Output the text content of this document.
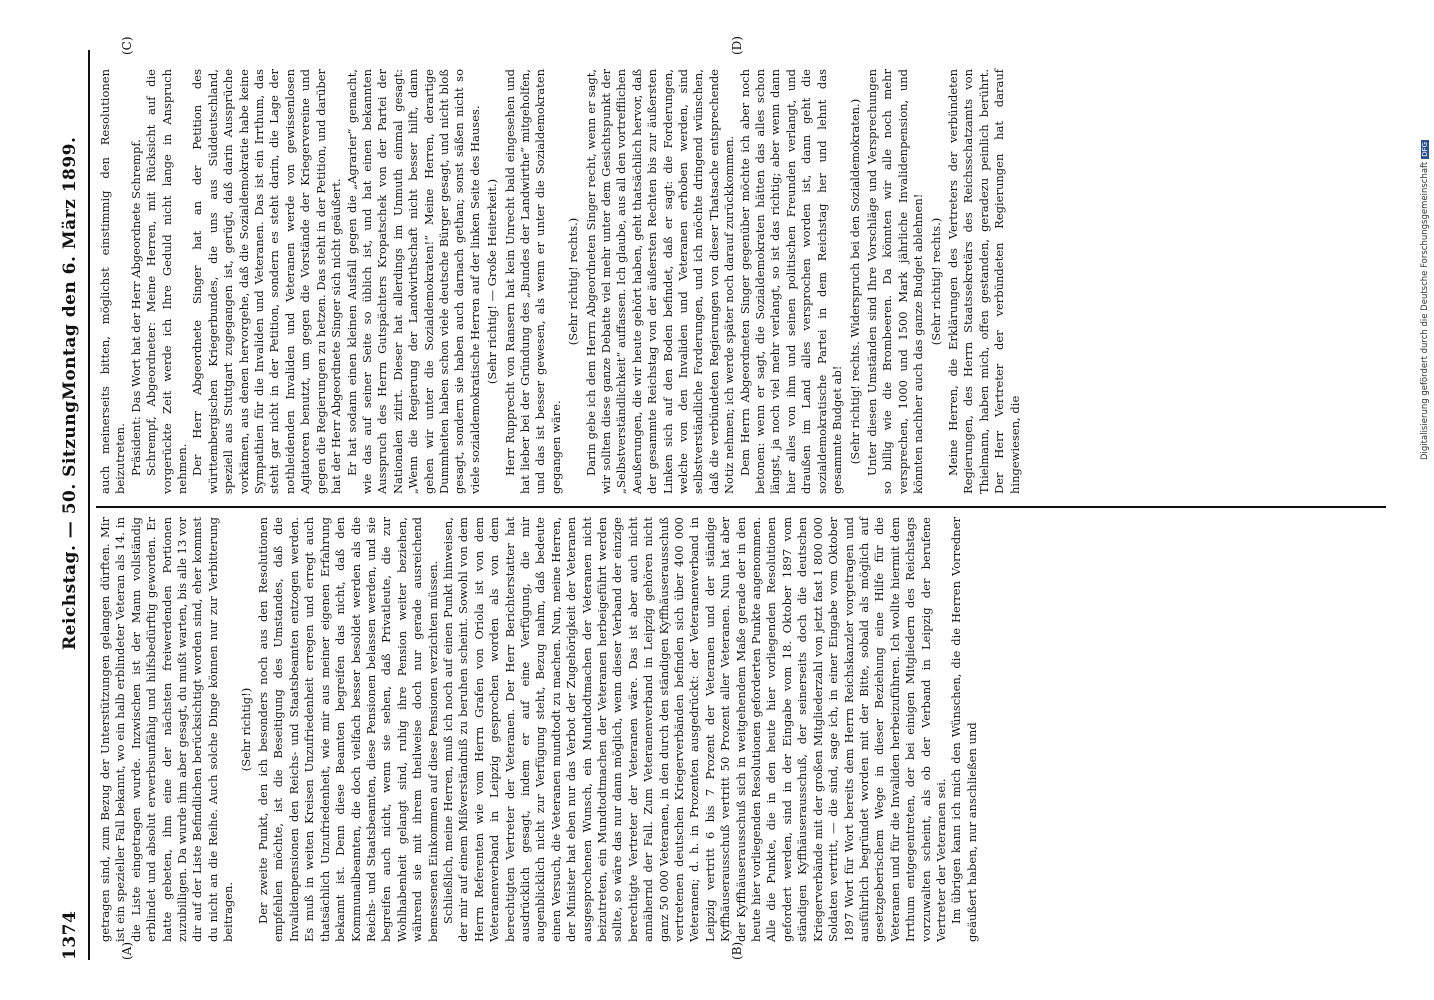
1374
Reichstag. — 50. Sitzung.
Montag den 6. März 1899.
(A)	(B)
(C)	(D)

getragen sind, zum Bezug der Unterstützungen gelangen dürften. Mir ist ein spezieller Fall bekannt, wo ein halb erblindeter Veteran als 14. in die Liste eingetragen wurde. Inzwischen ist der Mann vollständig erblindet und absolut erwerbsunfähig und hilfsbedürftig geworden. Er hatte gebeten, ihm eine der nächsten freiwerdenden Portionen zuzubilligen. Da wurde ihm aber gesagt, du mußt warten, bis alle 13 vor dir auf der Liste Befindlichen berücksichtigt worden sind, eher kommst du nicht an die Reihe. Auch solche Dinge können nur zur Verbitterung beitragen.

(Sehr richtig!) Der zweite Punkt, den ich besonders noch aus den Resolutionen empfehlen möchte, ist die Beseitigung des Umstandes, daß die Invalidenpensionen den Reichs- und Staatsbeamten entzogen werden. Es muß in weiten Kreisen Unzufriedenheit erregen und erregt auch thatsächlich Unzufriedenheit, wie mir aus meiner eigenen Erfahrung bekannt ist. Denn diese Beamten begreifen das nicht, daß den Kommunalbeamten, die doch vielfach besser besoldet werden als die Reichs- und Staatsbeamten, diese Pensionen belassen werden, und sie begreifen auch nicht, wenn sie sehen, daß Privatleute, die zur Wohlhabenheit gelangt sind, ruhig ihre Pension weiter beziehen, während sie mit ihrem theilweise doch nur gerade ausreichend bemessenen Einkommen auf diese Pensionen verzichten müssen. Schließlich, meine Herren, muß ich noch auf einen Punkt hinweisen, der mir auf einem Mißverständniß zu beruhen scheint. Sowohl von dem Herrn Referenten wie vom Herrn Grafen von Oriola ist von dem Veteranenverband in Leipzig gesprochen worden als von dem berechtigten Vertreter der Veteranen. Der Herr Berichterstatter hat ausdrücklich gesagt, indem er auf eine Verfügung, die mir augenblicklich nicht zur Verfügung steht, Bezug nahm, daß bedeute einen Versuch, die Veteranen mundtodt zu machen. Nun, meine Herren, der Minister hat eben nur das Verbot der Zugehörigkeit der Veteranen ausgesprochenen Wunsch, ein Mundtodtmachen der Veteranen nicht beizutreten, ein Mundtodtmachen der Veteranen herbeigeführt werden sollte, so wäre das nur dann möglich, wenn dieser Verband der einzige berechtigte Vertreter der Veteranen wäre. Das ist aber auch nicht annähernd der Fall. Zum Veteranenverband in Leipzig gehören nicht ganz 50 000 Veteranen, in den durch den ständigen Kyffhäuserausschuß vertretenen deutschen Kriegerverbänden befinden sich über 400 000 Veteranen; d. h. in Prozenten ausgedrückt: der Veteranenverband in Leipzig vertritt 6 bis 7 Prozent der Veteranen und der ständige Kyffhäuserausschuß vertritt 50 Prozent aller Veteranen. Nun hat aber der Kyffhäuserausschuß sich in weitgehendem Maße gerade der in den heute hier vorliegenden Resolutionen geforderten Punkte angenommen. Alle die Punkte, die in den heute hier vorliegenden Resolutionen gefordert werden, sind in der Eingabe vom 18. Oktober 1897 vom ständigen Kyffhäuserausschuß, der seinerseits doch die deutschen Kriegerverbände mit der großen Mitgliederzahl von jetzt fast 1 800 000 Soldaten vertritt, — die sind, sage ich, in einer Eingabe vom Oktober 1897 Wort für Wort bereits dem Herrn Reichskanzler vorgetragen und ausführlich begründet worden mit der Bitte, sobald als möglich auf gesetzgeberischem Wege in dieser Beziehung eine Hilfe für die Veteranen und für die Invaliden herbeizuführen. Ich wollte hiermit dem Irrthum entgegentreten, der bei einigen Mitgliedern des Reichstags vorzuwalten scheint, als ob der Verband in Leipzig der berufene Vertreter der Veteranen sei. Im übrigen kann ich mich den Wünschen, die die Herren Vorredner geäußert haben, nur anschließen und

auch meinerseits bitten, möglichst einstimmig den Resolutionen beizutreten. Präsident: Das Wort hat der Herr Abgeordnete Schrempf. Schrempf, Abgeordneter: Meine Herren, mit Rücksicht auf die vorgerückte Zeit werde ich Ihre Geduld nicht lange in Anspruch nehmen. Der Herr Abgeordnete Singer hat an der Petition des württembergischen Kriegerbundes, die uns aus Süddeutschland, speziell aus Stuttgart zugegangen ist, gerügt, daß darin Aussprüche vorkämen, aus denen hervorgehe, daß die Sozialdemokratie habe keine Sympathien für die Invaliden und Veteranen. Das ist ein Irrthum, das steht gar nicht in der Petition, sondern es steht darin, die Lage der nothleidenden Invaliden und Veteranen werde von gewissenlosen Agitatoren benutzt, um gegen die Vorstände der Kriegervereine und gegen die Regierungen zu hetzen. Das steht in der Petition, und darüber hat der Herr Abgeordnete Singer sich nicht geäußert. Er hat sodann einen kleinen Ausfall gegen die „Agrarier“ gemacht, wie das auf seiner Seite so üblich ist, und hat einen bekannten Ausspruch des Herrn Gutspächters Kropatschek von der Partei der Nationalen zitirt. Dieser hat allerdings im Unmuth einmal gesagt: „Wenn die Regierung der Landwirthschaft nicht besser hilft, dann gehen wir unter die Sozialdemokraten!“ Meine Herren, derartige Dummheiten haben schon viele deutsche Bürger gesagt, und nicht bloß gesagt, sondern sie haben auch darnach gethan; sonst säßen nicht so viele sozialdemokratische Herren auf der linken Seite des Hauses. (Sehr richtig! — Große Heiterkeit.) Herr Rupprecht von Ransern hat kein Unrecht bald eingesehen und hat lieber bei der Gründung des „Bundes der Landwirthe“ mitgeholfen, und das ist besser gewesen, als wenn er unter die Sozialdemokraten gegangen wäre.

(Sehr richtig! rechts.) Darin gebe ich dem Herrn Abgeordneten Singer recht, wenn er sagt, wir sollten diese ganze Debatte viel mehr unter dem Gesichtspunkt der „Selbstverständlichkeit“ auffassen. Ich glaube, aus all den vortrefflichen Aeußerungen, die wir heute gehört haben, geht thatsächlich hervor, daß der gesammte Reichstag von der äußersten Rechten bis zur äußersten Linken sich auf den Boden befindet, daß er sagt: die Forderungen, welche von den Invaliden und Veteranen erhoben werden, sind selbstverständliche Forderungen, und ich möchte dringend wünschen, daß die verbündeten Regierungen von dieser Thatsache entsprechende Notiz nehmen; ich werde später noch darauf zurückkommen. Dem Herrn Abgeordneten Singer gegenüber möchte ich aber noch betonen: wenn er sagt, die Sozialdemokraten hätten das alles schon längst, ja noch viel mehr verlangt, so ist das richtig; aber wenn dann hier alles von ihm und seinen politischen Freunden verlangt, und draußen im Land alles versprochen worden ist, dann geht die sozialdemokratische Partei in dem Reichstag her und lehnt das gesammte Budget ab! (Sehr richtig! rechts. Widerspruch bei den Sozialdemokraten.) Unter diesen Umständen sind Ihre Vorschläge und Versprechungen so billig wie die Brombeeren. Da könnten wir alle noch mehr versprechen, 1000 und 1500 Mark jährliche Invalidenpension, und könnten nachher auch das ganze Budget ablehnen! (Sehr richtig! rechts.) Meine Herren, die Erklärungen des Vertreters der verbündeten Regierungen, des Herrn Staatssekretärs des Reichsschatzamts von Thielmann, haben mich, offen gestanden, geradezu peinlich berührt. Der Herr Vertreter der verbündeten Regierungen hat darauf hingewiesen, die	Digitalisierung gefördert durch die Deutsche ForschungsgemeinschaftDFG
